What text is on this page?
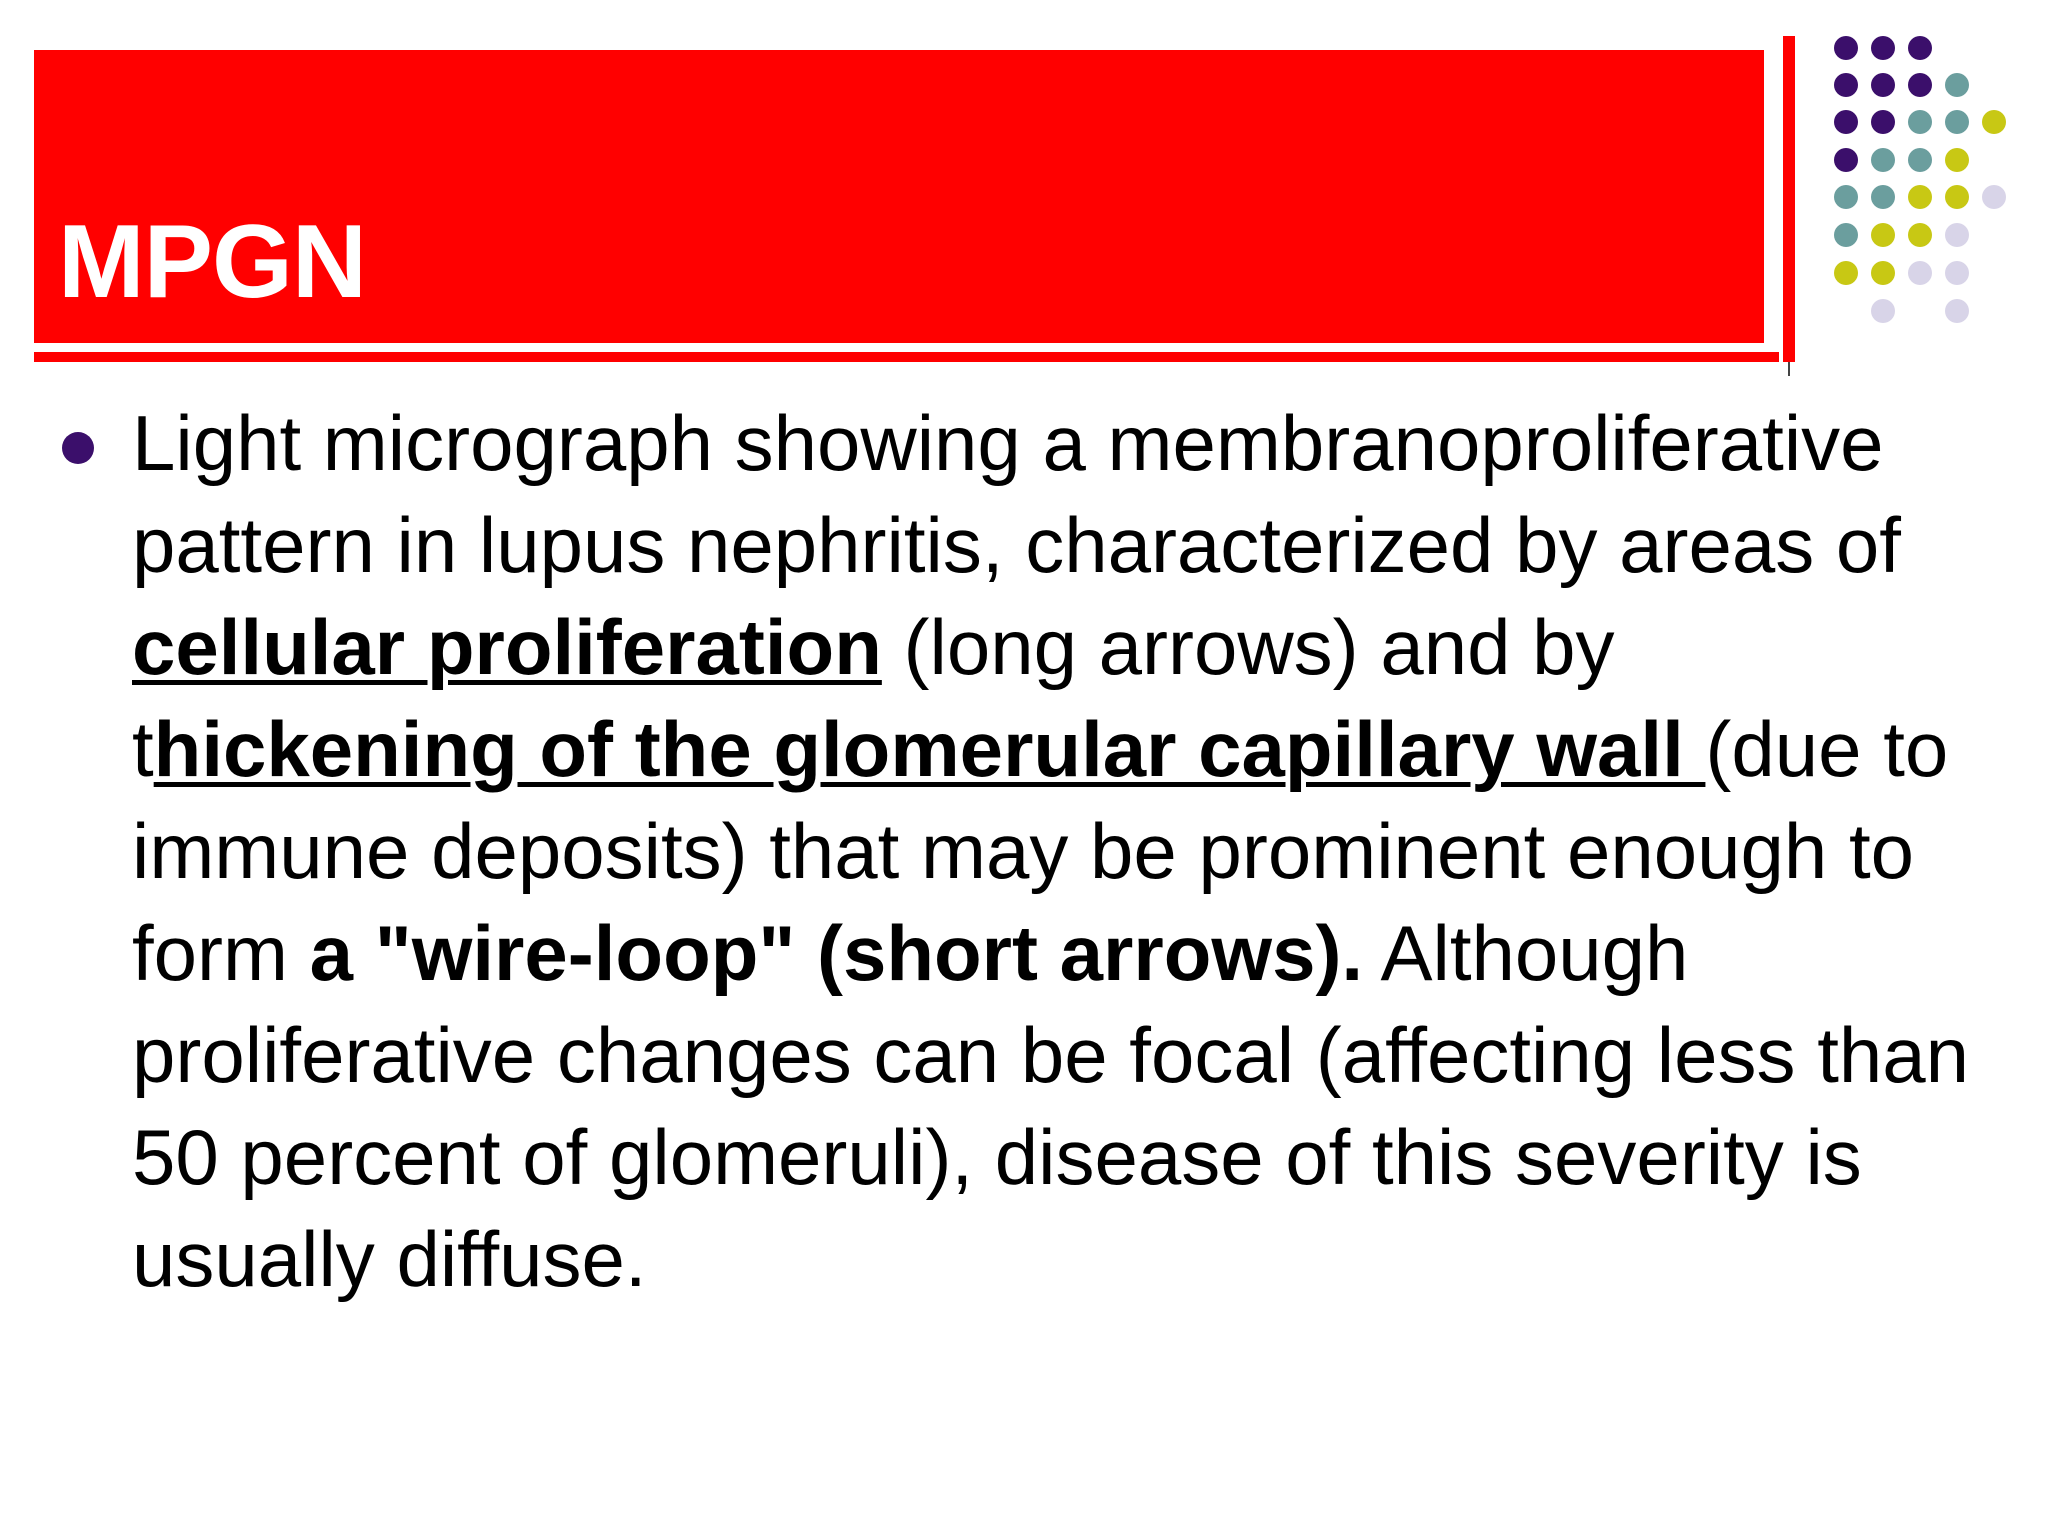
MPGN
Light micrograph showing a membranoproliferative pattern in lupus nephritis, characterized by areas of cellular proliferation (long arrows) and by thickening of the glomerular capillary wall (due to immune deposits) that may be prominent enough to form a "wire-loop" (short arrows). Although proliferative changes can be focal (affecting less than 50 percent of glomeruli), disease of this severity is usually diffuse.
